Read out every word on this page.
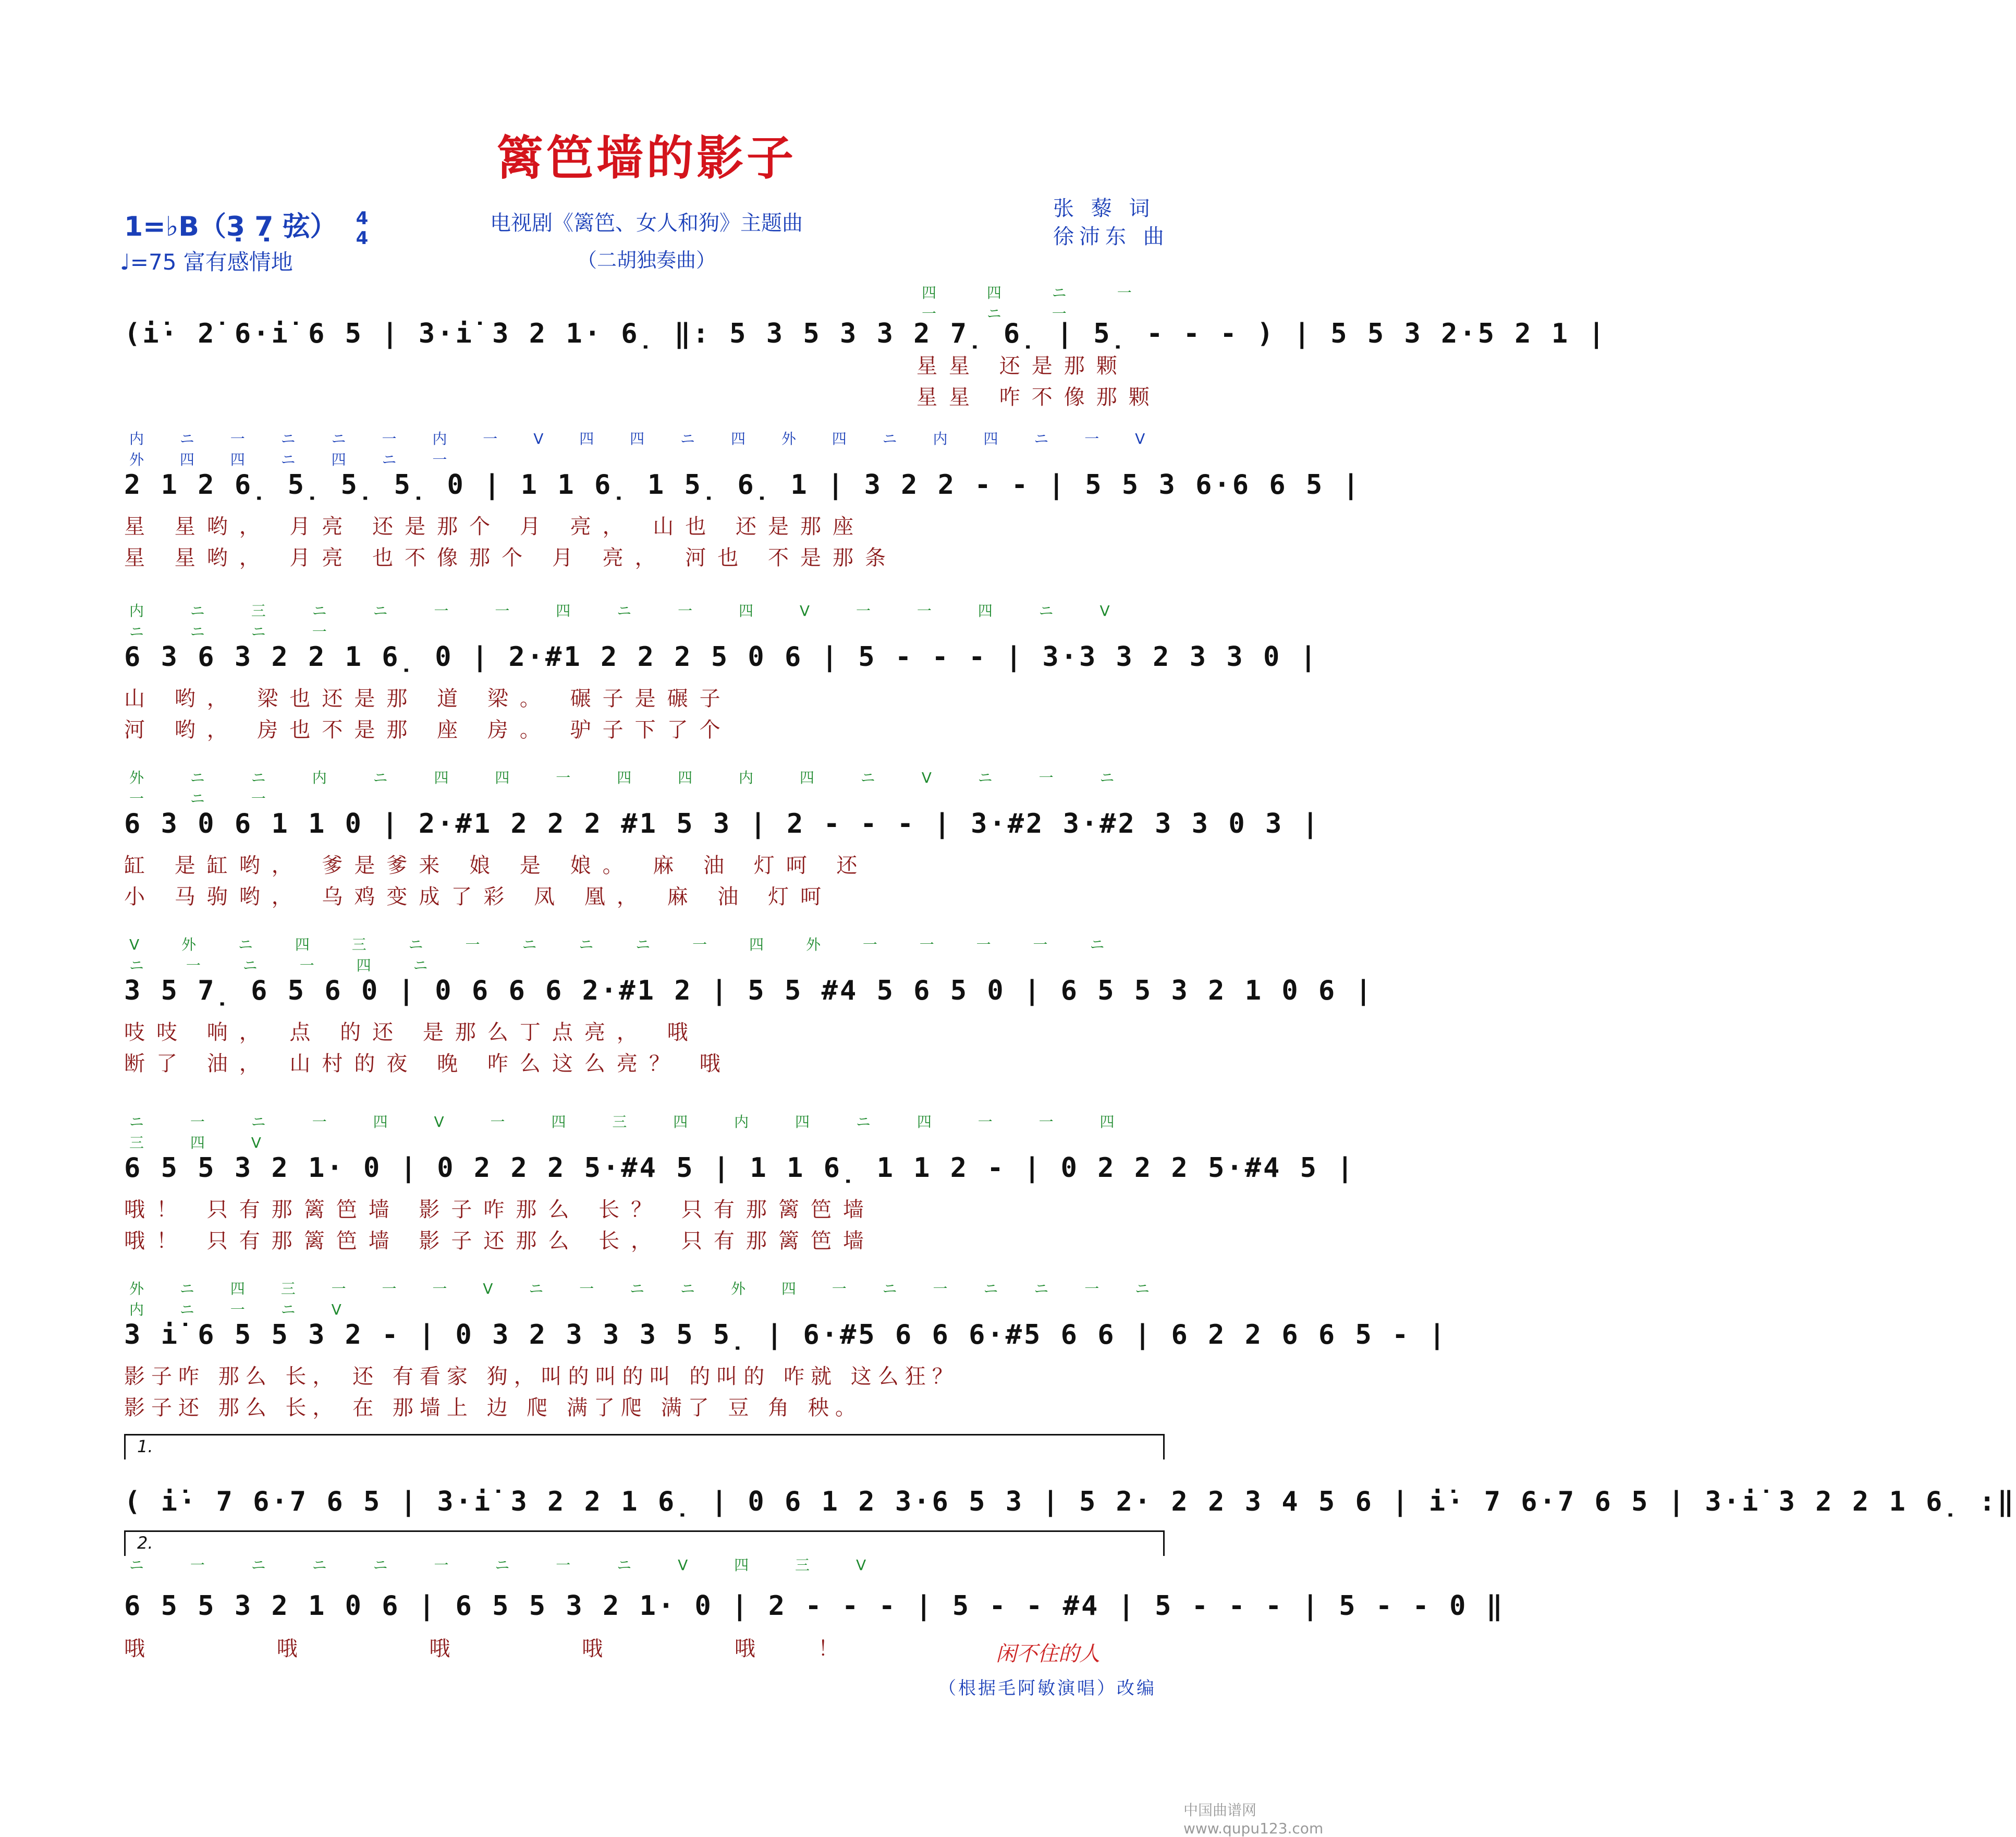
篱笆墙的影子
1=♭B（3̣ 7̣ 弦） 4
4
♩=75 富有感情地
电视剧《篱笆、女人和狗》主题曲
（二胡独奏曲）
张 藜 词
徐沛东 曲
四 四 ニ 一 一 ニ 一
(i̇· 2̇ 6·i̇ 6 5 | 3·i̇ 3 2 1· 6̣ ‖: 5 3 5 3 3 2 7̣ 6̣ | 5̣ - - - ) | 5 5 3 2·5 2 1 |
星星 还是那颗
星星 咋不像那颗
内 ニ 一 ニ ニ 一 内 一 V 四 四 ニ 四 外 四 ニ 内 四 ニ 一 V 外 四 四 ニ 四 ニ 一
2 1 2 6̣ 5̣ 5̣ 5̣ 0 | 1 1 6̣ 1 5̣ 6̣ 1 | 3 2 2 - - | 5 5 3 6·6 6 5 |
星 星哟， 月亮 还是那个 月 亮， 山也 还是那座
星 星哟， 月亮 也不像那个 月 亮， 河也 不是那条
内 ニ 三 ニ ニ 一 一 四 ニ 一 四 V 一 一 四 ニ V ニ ニ ニ 一
6 3 6 3 2 2 1 6̣ 0 | 2·#1 2 2 2 5 0 6 | 5 - - - | 3·3 3 2 3 3 0 |
山 哟， 梁也还是那 道 梁。 碾子是碾子
河 哟， 房也不是那 座 房。 驴子下了个
外 ニ ニ 内 ニ 四 四 一 四 四 内 四 ニ V ニ 一 ニ 一 ニ 一
6 3 0 6 1 1 0 | 2·#1 2 2 2 #1 5 3 | 2 - - - | 3·#2 3·#2 3 3 0 3 |
缸 是缸哟， 爹是爹来 娘 是 娘。 麻 油 灯呵 还
小 马驹哟， 乌鸡变成了彩 凤 凰， 麻 油 灯呵
V 外 ニ 四 三 ニ 一 ニ ニ ニ 一 四 外 一 一 一 一 ニ ニ 一 ニ 一 四 ニ
3 5 7̣ 6 5 6 0 | 0 6 6 6 2·#1 2 | 5 5 #4 5 6 5 0 | 6 5 5 3 2 1 0 6 |
吱吱 响， 点 的还 是那么丁点亮， 哦
断了 油， 山村的夜 晚 咋么这么亮？ 哦
ニ 一 ニ 一 四 V 一 四 三 四 内 四 ニ 四 一 一 四 三 四 V
6 5 5 3 2 1· 0 | 0 2 2 2 5·#4 5 | 1 1 6̣ 1 1 2 - | 0 2 2 2 5·#4 5 |
哦！ 只有那篱笆墙 影子咋那么 长？ 只有那篱笆墙
哦！ 只有那篱笆墙 影子还那么 长， 只有那篱笆墙
外 ニ 四 三 一 一 一 V ニ 一 ニ ニ 外 四 一 ニ 一 ニ ニ 一 ニ 内 ニ 一 ニ V
3 i̇ 6 5 5 3 2 - | 0 3 2 3 3 3 5 5̣ | 6·#5 6 6 6·#5 6 6 | 6 2 2 6 6 5 - |
影子咋 那么 长， 还 有看家 狗，叫的叫的叫 的叫的 咋就 这么狂？
影子还 那么 长， 在 那墙上 边 爬 满了爬 满了 豆 角 秧。
1.
( i̇· 7 6·7 6 5 | 3·i̇ 3 2 2 1 6̣ | 0 6 1 2 3·6 5 3 | 5 2· 2 2 3 4 5 6 | i̇· 7 6·7 6 5 | 3·i̇ 3 2 2 1 6̣ :‖
2.
ニ 一 ニ ニ ニ 一 ニ 一 ニ V 四 三 V
6 5 5 3 2 1 0 6 | 6 5 5 3 2 1· 0 | 2 - - - | 5 - - #4 | 5 - - - | 5 - - 0 ‖
哦 哦 哦 哦 哦！	闲不住的人
（根据毛阿敏演唱）改编
中国曲谱网 www.qupu123.com
